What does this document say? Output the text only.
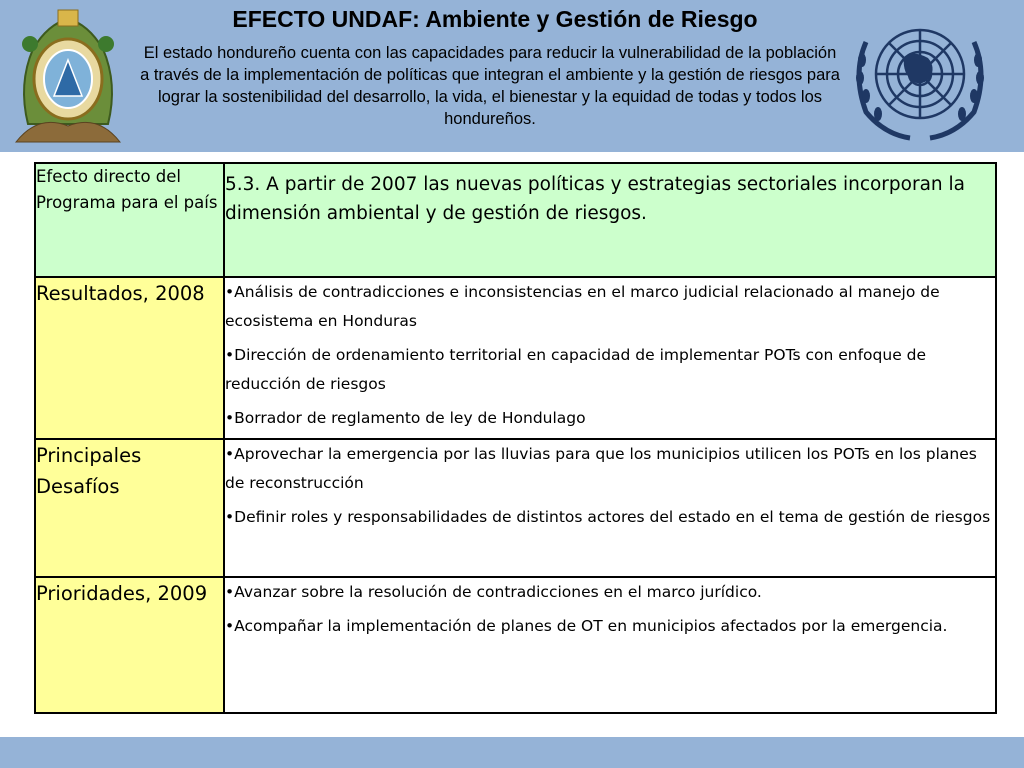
EFECTO UNDAF: Ambiente y Gestión de Riesgo

El estado hondureño cuenta con las capacidades para reducir la vulnerabilidad de la población a través de la implementación de políticas que integran el ambiente y la gestión de riesgos para lograr la sostenibilidad del desarrollo, la vida, el bienestar y la equidad de todas y todos los hondureños.

Efecto directo del Programa para el país	5.3. A partir de 2007 las nuevas políticas y estrategias sectoriales incorporan la dimensión ambiental y de gestión de riesgos.

Resultados, 2008	•Análisis de contradicciones e inconsistencias en el marco judicial relacionado al manejo de ecosistema en Honduras

•Dirección de ordenamiento territorial en capacidad de implementar POTs con enfoque de reducción de riesgos

•Borrador de reglamento de ley de Hondulago

Principales Desafíos	•Aprovechar la emergencia por las lluvias para que los municipios utilicen los POTs en los planes de reconstrucción

•Definir roles y responsabilidades de distintos actores del estado en el tema de gestión de riesgos

Prioridades, 2009	•Avanzar sobre la resolución de contradicciones en el marco jurídico.

•Acompañar la implementación de planes de OT en municipios afectados por la emergencia.
